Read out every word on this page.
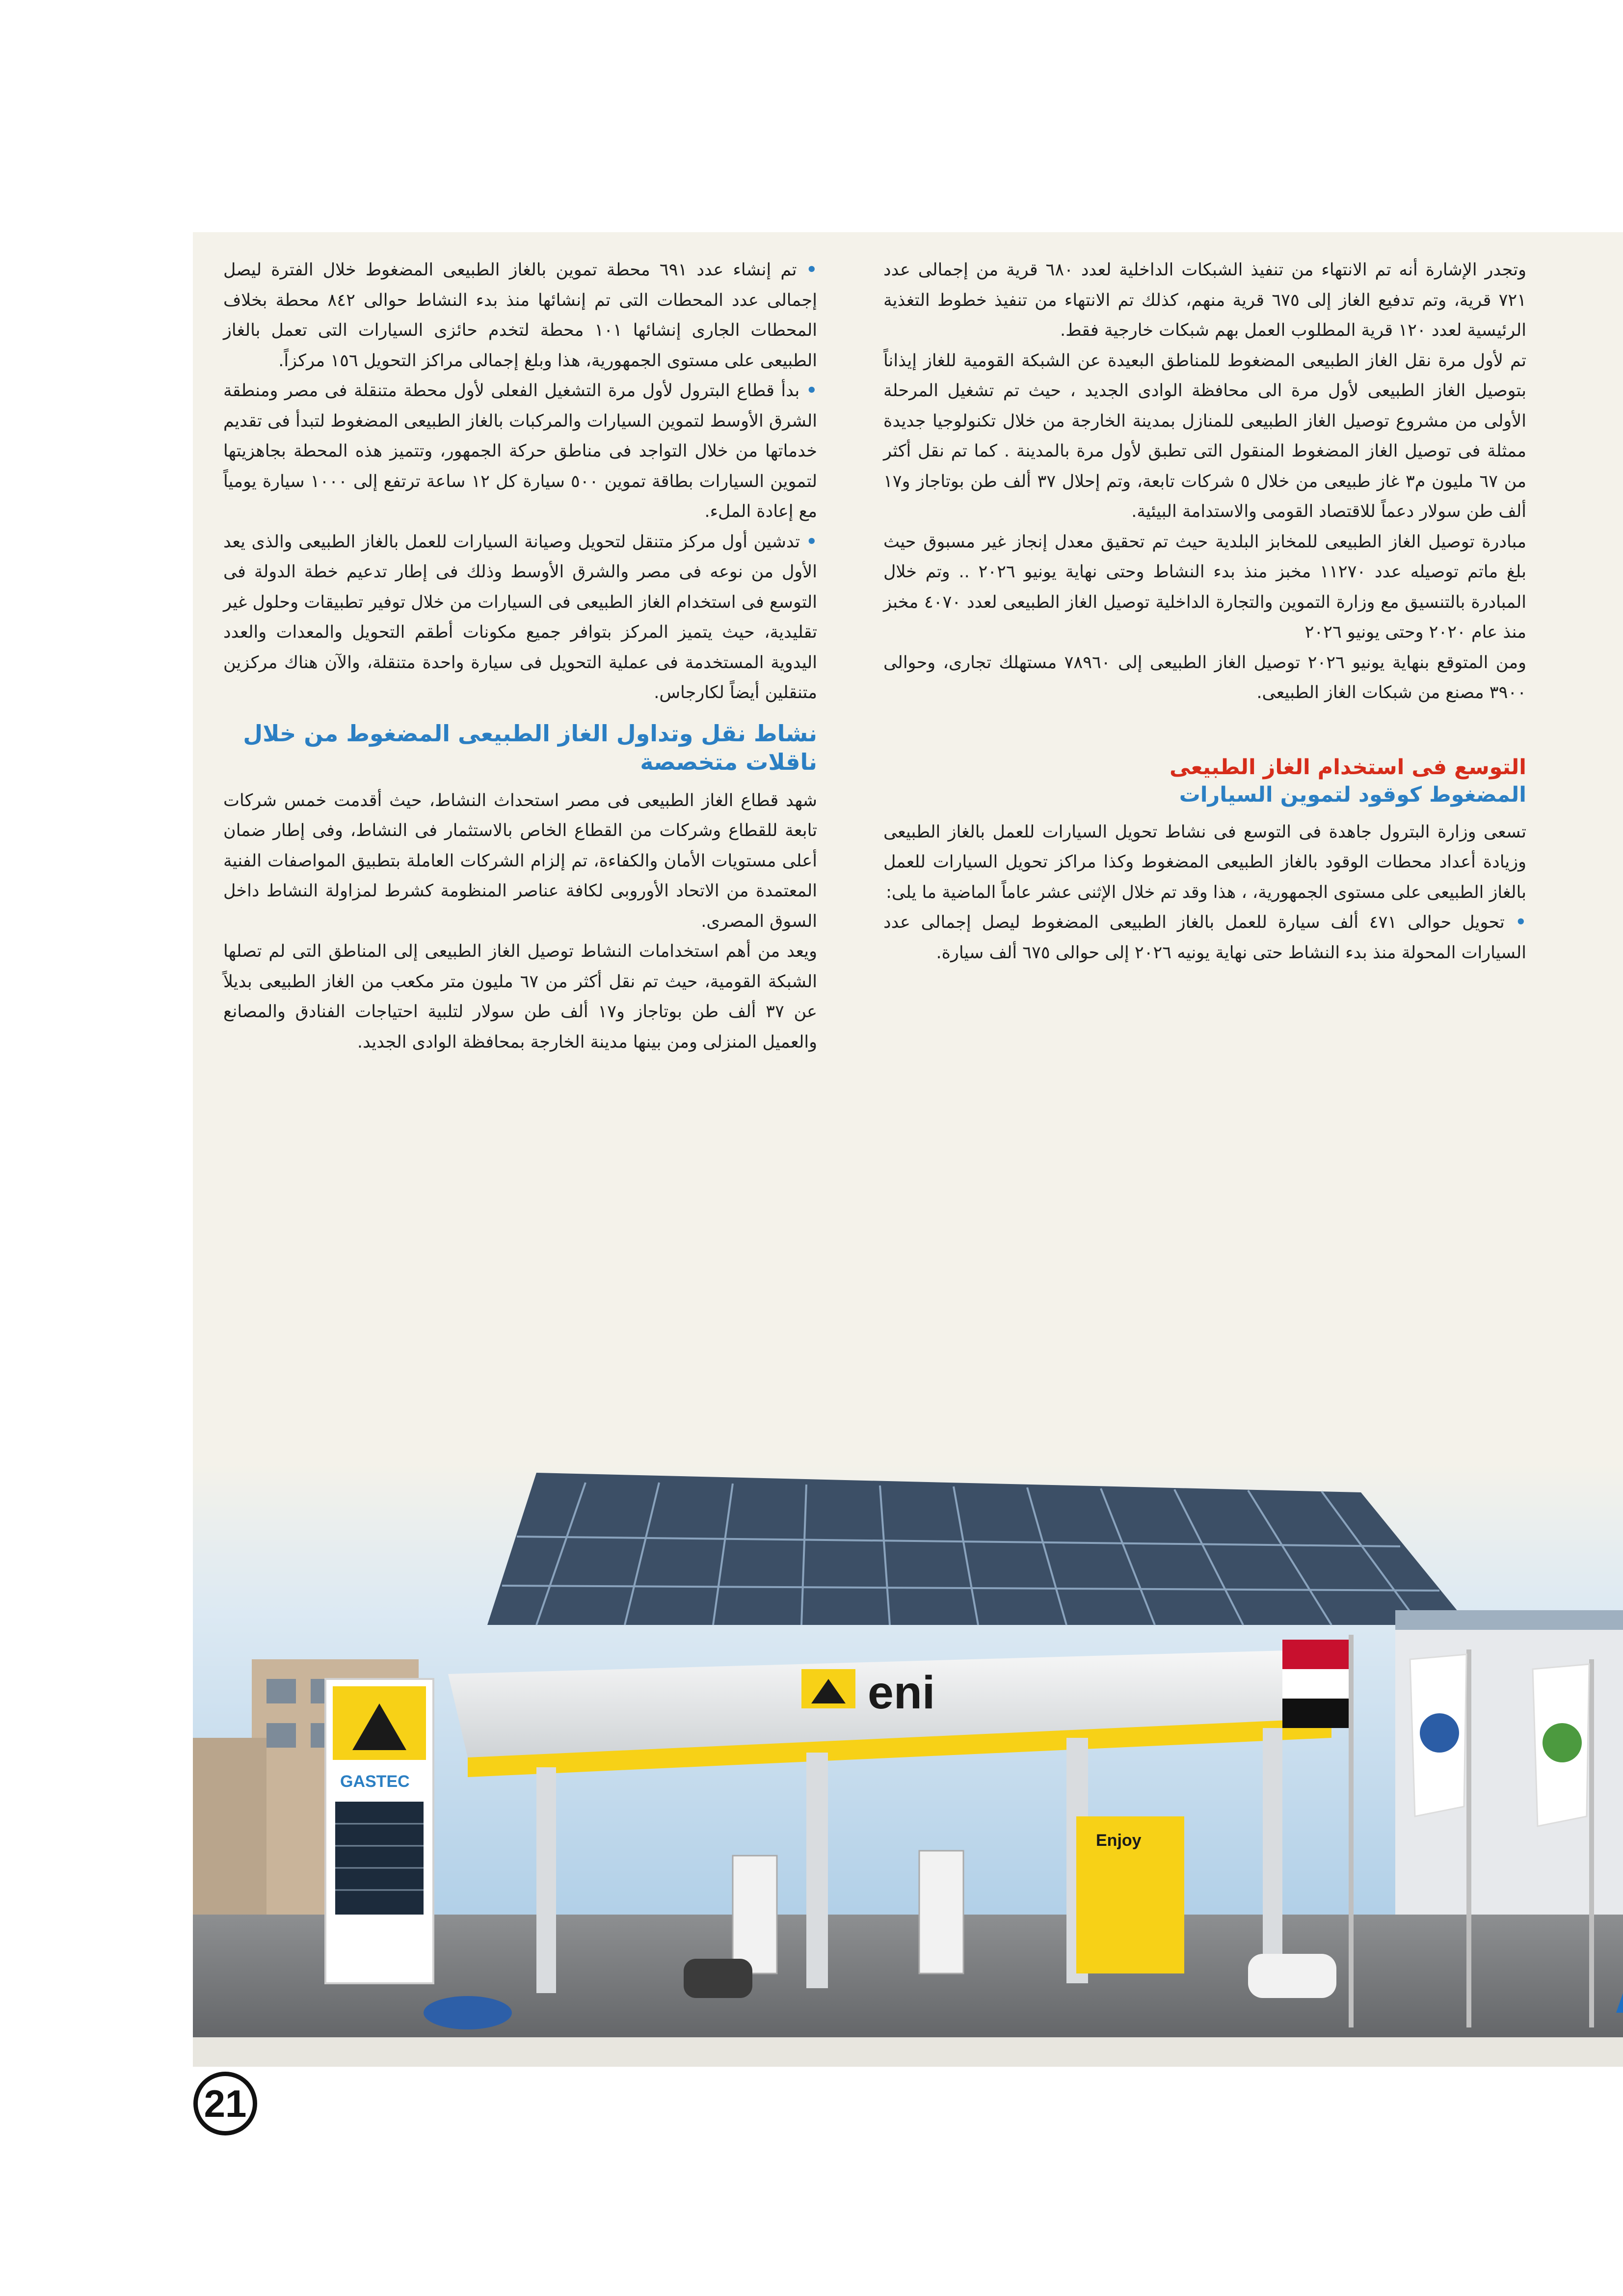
وتجدر الإشارة أنه تم الانتهاء من تنفيذ الشبكات الداخلية لعدد ٦٨٠ قرية من إجمالى عدد ٧٢١ قرية، وتم تدفيع الغاز إلى ٦٧٥ قرية منهم، كذلك تم الانتهاء من تنفيذ خطوط التغذية الرئيسية لعدد ١٢٠ قرية المطلوب العمل بهم شبكات خارجية فقط.

تم لأول مرة نقل الغاز الطبيعى المضغوط للمناطق البعيدة عن الشبكة القومية للغاز إيذاناً بتوصيل الغاز الطبيعى لأول مرة الى محافظة الوادى الجديد ، حيث تم تشغيل المرحلة الأولى من مشروع توصيل الغاز الطبيعى للمنازل بمدينة الخارجة من خلال تكنولوجيا جديدة ممثلة فى توصيل الغاز المضغوط المنقول التى تطبق لأول مرة بالمدينة . كما تم نقل أكثر من ٦٧ مليون م٣ غاز طبيعى من خلال ٥ شركات تابعة، وتم إحلال ٣٧ ألف طن بوتاجاز و١٧ ألف طن سولار دعماً للاقتصاد القومى والاستدامة البيئية.

مبادرة توصيل الغاز الطبيعى للمخابز البلدية حيث تم تحقيق معدل إنجاز غير مسبوق حيث بلغ ماتم توصيله عدد ١١٢٧٠ مخبز منذ بدء النشاط وحتى نهاية يونيو ٢٠٢٦ .. وتم خلال المبادرة بالتنسيق مع وزارة التموين والتجارة الداخلية توصيل الغاز الطبيعى لعدد ٤٠٧٠ مخبز منذ عام ٢٠٢٠ وحتى يونيو ٢٠٢٦

ومن المتوقع بنهاية يونيو ٢٠٢٦ توصيل الغاز الطبيعى إلى ٧٨٩٦٠ مستهلك تجارى، وحوالى ٣٩٠٠ مصنع من شبكات الغاز الطبيعى.

التوسع فى استخدام الغاز الطبيعى

المضغوط كوقود لتموين السيارات

تسعى وزارة البترول جاهدة فى التوسع فى نشاط تحويل السيارات للعمل بالغاز الطبيعى وزيادة أعداد محطات الوقود بالغاز الطبيعى المضغوط وكذا مراكز تحويل السيارات للعمل بالغاز الطبيعى على مستوى الجمهورية، ، هذا وقد تم خلال الإثنى عشر عاماً الماضية ما يلى:

• تحويل حوالى ٤٧١ ألف سيارة للعمل بالغاز الطبيعى المضغوط ليصل إجمالى عدد السيارات المحولة منذ بدء النشاط حتى نهاية يونيه ٢٠٢٦ إلى حوالى ٦٧٥ ألف سيارة.

• تم إنشاء عدد ٦٩١ محطة تموين بالغاز الطبيعى المضغوط خلال الفترة ليصل إجمالى عدد المحطات التى تم إنشائها منذ بدء النشاط حوالى ٨٤٢ محطة بخلاف المحطات الجارى إنشائها ١٠١ محطة لتخدم حائزى السيارات التى تعمل بالغاز الطبيعى على مستوى الجمهورية، هذا وبلغ إجمالى مراكز التحويل ١٥٦ مركزاً.

• بدأ قطاع البترول لأول مرة التشغيل الفعلى لأول محطة متنقلة فى مصر ومنطقة الشرق الأوسط لتموين السيارات والمركبات بالغاز الطبيعى المضغوط لتبدأ فى تقديم خدماتها من خلال التواجد فى مناطق حركة الجمهور، وتتميز هذه المحطة بجاهزيتها لتموين السيارات بطاقة تموين ٥٠٠ سيارة كل ١٢ ساعة ترتفع إلى ١٠٠٠ سيارة يومياً مع إعادة الملء.

• تدشين أول مركز متنقل لتحويل وصيانة السيارات للعمل بالغاز الطبيعى والذى يعد الأول من نوعه فى مصر والشرق الأوسط وذلك فى إطار تدعيم خطة الدولة فى التوسع فى استخدام الغاز الطبيعى فى السيارات من خلال توفير تطبيقات وحلول غير تقليدية، حيث يتميز المركز بتوافر جميع مكونات أطقم التحويل والمعدات والعدد اليدوية المستخدمة فى عملية التحويل فى سيارة واحدة متنقلة، والآن هناك مركزين متنقلين أيضاً لكارجاس.

نشاط نقل وتداول الغاز الطبيعى المضغوط من خلال ناقلات متخصصة

شهد قطاع الغاز الطبيعى فى مصر استحداث النشاط، حيث أقدمت خمس شركات تابعة للقطاع وشركات من القطاع الخاص بالاستثمار فى النشاط، وفى إطار ضمان أعلى مستويات الأمان والكفاءة، تم إلزام الشركات العاملة بتطبيق المواصفات الفنية المعتمدة من الاتحاد الأوروبى لكافة عناصر المنظومة كشرط لمزاولة النشاط داخل السوق المصرى.

ويعد من أهم استخدامات النشاط توصيل الغاز الطبيعى إلى المناطق التى لم تصلها الشبكة القومية، حيث تم نقل أكثر من ٦٧ مليون متر مكعب من الغاز الطبيعى بديلاً عن ٣٧ ألف طن بوتاجاز و١٧ ألف طن سولار لتلبية احتياجات الفنادق والمصانع والعميل المنزلى ومن بينها مدينة الخارجة بمحافظة الوادى الجديد.

eni
GASTEC
Enjoy
21
